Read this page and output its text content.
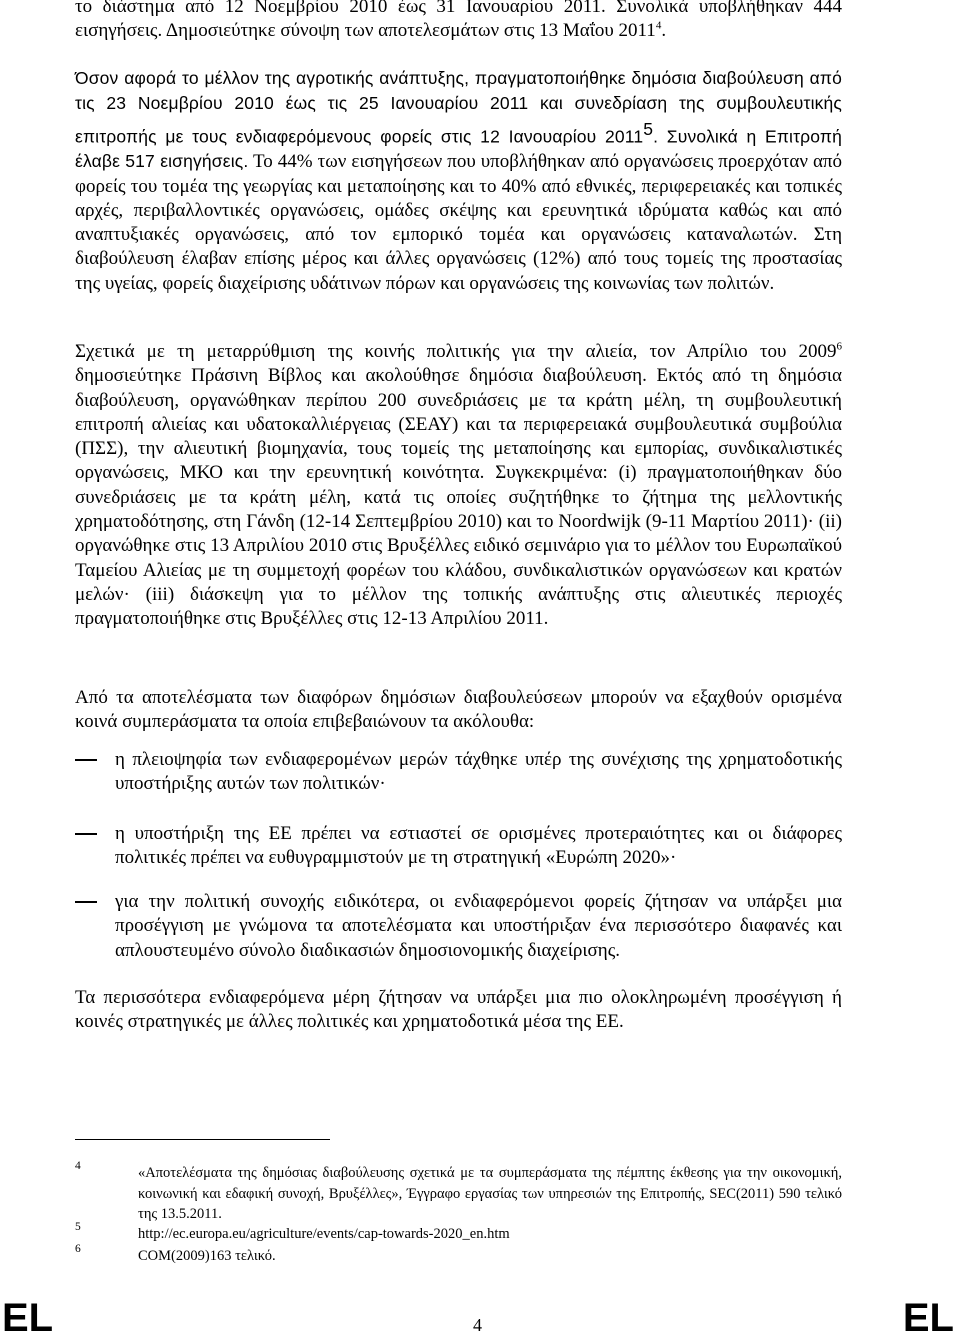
το διάστημα από 12 Νοεμβρίου 2010 έως 31 Ιανουαρίου 2011. Συνολικά υποβλήθηκαν 444 εισηγήσεις. Δημοσιεύτηκε σύνοψη των αποτελεσμάτων στις 13 Μαΐου 2011$^4$.

Όσον αφορά το μέλλον της αγροτικής ανάπτυξης, πραγματοποιήθηκε δημόσια διαβούλευση από τις 23 Νοεμβρίου 2010 έως τις 25 Ιανουαρίου 2011 και συνεδρίαση της συμβουλευτικής επιτροπής με τους ενδιαφερόμενους φορείς στις 12 Ιανουαρίου 2011$^5$. Συνολικά η Επιτροπή έλαβε 517 εισηγήσεις. Το 44% των εισηγήσεων που υποβλήθηκαν από οργανώσεις προερχόταν από φορείς του τομέα της γεωργίας και μεταποίησης και το 40% από εθνικές, περιφερειακές και τοπικές αρχές, περιβαλλοντικές οργανώσεις, ομάδες σκέψης και ερευνητικά ιδρύματα καθώς και από αναπτυξιακές οργανώσεις, από τον εμπορικό τομέα και οργανώσεις καταναλωτών. Στη διαβούλευση έλαβαν επίσης μέρος και άλλες οργανώσεις (12%) από τους τομείς της προστασίας της υγείας, φορείς διαχείρισης υδάτινων πόρων και οργανώσεις της κοινωνίας των πολιτών.

Σχετικά με τη μεταρρύθμιση της κοινής πολιτικής για την αλιεία, τον Απρίλιο του 2009$^6$ δημοσιεύτηκε Πράσινη Βίβλος και ακολούθησε δημόσια διαβούλευση. Εκτός από τη δημόσια διαβούλευση, οργανώθηκαν περίπου 200 συνεδριάσεις με τα κράτη μέλη, τη συμβουλευτική επιτροπή αλιείας και υδατοκαλλιέργειας (ΣΕΑΥ) και τα περιφερειακά συμβουλευτικά συμβούλια (ΠΣΣ), την αλιευτική βιομηχανία, τους τομείς της μεταποίησης και εμπορίας, συνδικαλιστικές οργανώσεις, ΜΚΟ και την ερευνητική κοινότητα. Συγκεκριμένα: (i) πραγματοποιήθηκαν δύο συνεδριάσεις με τα κράτη μέλη, κατά τις οποίες συζητήθηκε το ζήτημα της μελλοντικής χρηματοδότησης, στη Γάνδη (12-14 Σεπτεμβρίου 2010) και το Noordwijk (9-11 Μαρτίου 2011)· (ii) οργανώθηκε στις 13 Απριλίου 2010 στις Βρυξέλλες ειδικό σεμινάριο για το μέλλον του Ευρωπαϊκού Ταμείου Αλιείας με τη συμμετοχή φορέων του κλάδου, συνδικαλιστικών οργανώσεων και κρατών μελών· (iii) διάσκεψη για το μέλλον της τοπικής ανάπτυξης στις αλιευτικές περιοχές πραγματοποιήθηκε στις Βρυξέλλες στις 12-13 Απριλίου 2011.

Από τα αποτελέσματα των διαφόρων δημόσιων διαβουλεύσεων μπορούν να εξαχθούν ορισμένα κοινά συμπεράσματα τα οποία επιβεβαιώνουν τα ακόλουθα:

η πλειοψηφία των ενδιαφερομένων μερών τάχθηκε υπέρ της συνέχισης της χρηματοδοτικής υποστήριξης αυτών των πολιτικών·

η υποστήριξη της ΕΕ πρέπει να εστιαστεί σε ορισμένες προτεραιότητες και οι διάφορες πολιτικές πρέπει να ευθυγραμμιστούν με τη στρατηγική «Ευρώπη 2020»·

για την πολιτική συνοχής ειδικότερα, οι ενδιαφερόμενοι φορείς ζήτησαν να υπάρξει μια προσέγγιση με γνώμονα τα αποτελέσματα και υποστήριξαν ένα περισσότερο διαφανές και απλουστευμένο σύνολο διαδικασιών δημοσιονομικής διαχείρισης.

Τα περισσότερα ενδιαφερόμενα μέρη ζήτησαν να υπάρξει μια πιο ολοκληρωμένη προσέγγιση ή κοινές στρατηγικές με άλλες πολιτικές και χρηματοδοτικά μέσα της ΕΕ.

4	«Αποτελέσματα της δημόσιας διαβούλευσης σχετικά με τα συμπεράσματα της πέμπτης έκθεσης για την οικονομική, κοινωνική και εδαφική συνοχή, Βρυξέλλες», Έγγραφο εργασίας των υπηρεσιών της Επιτροπής, SEC(2011) 590 τελικό της 13.5.2011.
5	http://ec.europa.eu/agriculture/events/cap-towards-2020_en.htm
6	COM(2009)163 τελικό.
EL	4	EL
